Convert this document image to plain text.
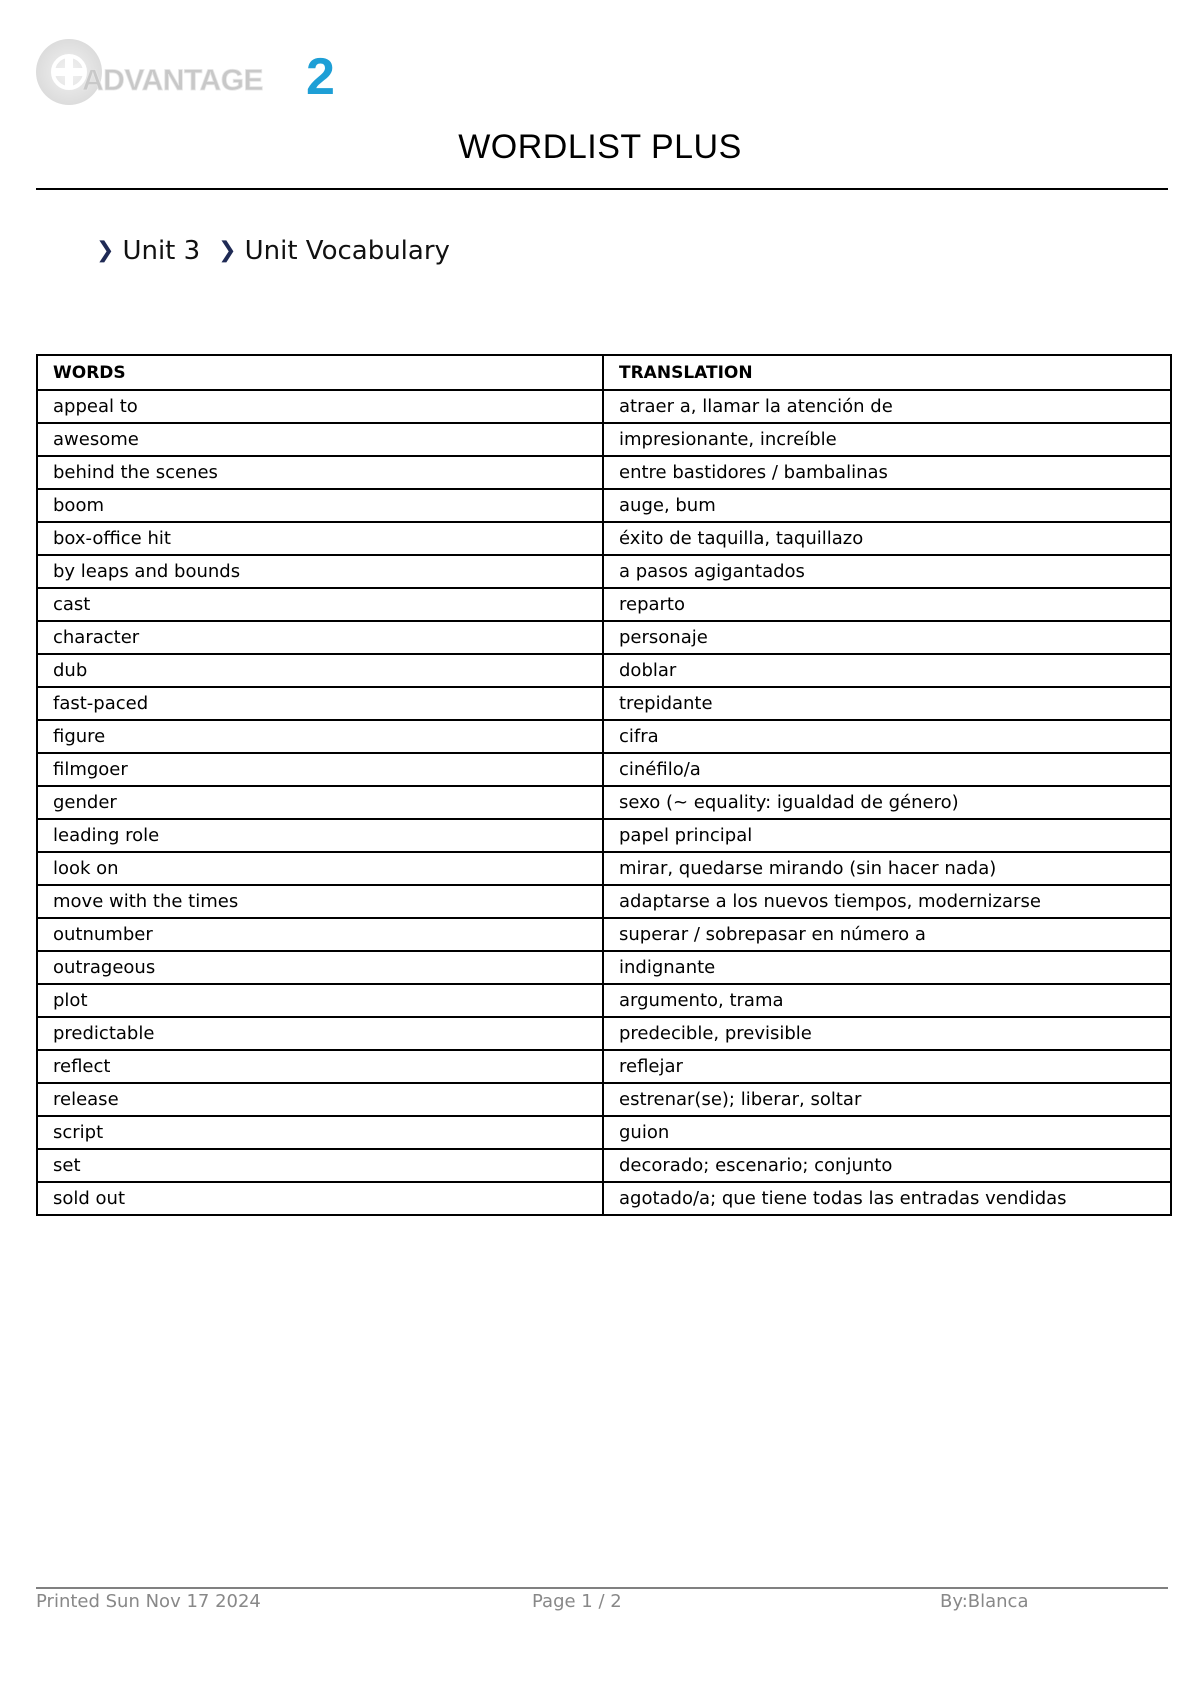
ADVANTAGE 2
WORDLIST PLUS
❯ Unit 3 ❯ Unit Vocabulary
WORDS	TRANSLATION
appeal to	atraer a, llamar la atención de
awesome	impresionante, increíble
behind the scenes	entre bastidores / bambalinas
boom	auge, bum
box-office hit	éxito de taquilla, taquillazo
by leaps and bounds	a pasos agigantados
cast	reparto
character	personaje
dub	doblar
fast-paced	trepidante
figure	cifra
filmgoer	cinéfilo/a
gender	sexo (~ equality: igualdad de género)
leading role	papel principal
look on	mirar, quedarse mirando (sin hacer nada)
move with the times	adaptarse a los nuevos tiempos, modernizarse
outnumber	superar / sobrepasar en número a
outrageous	indignante
plot	argumento, trama
predictable	predecible, previsible
reflect	reflejar
release	estrenar(se); liberar, soltar
script	guion
set	decorado; escenario; conjunto
sold out	agotado/a; que tiene todas las entradas vendidas
Printed Sun Nov 17 2024	Page 1 / 2	By:Blanca
